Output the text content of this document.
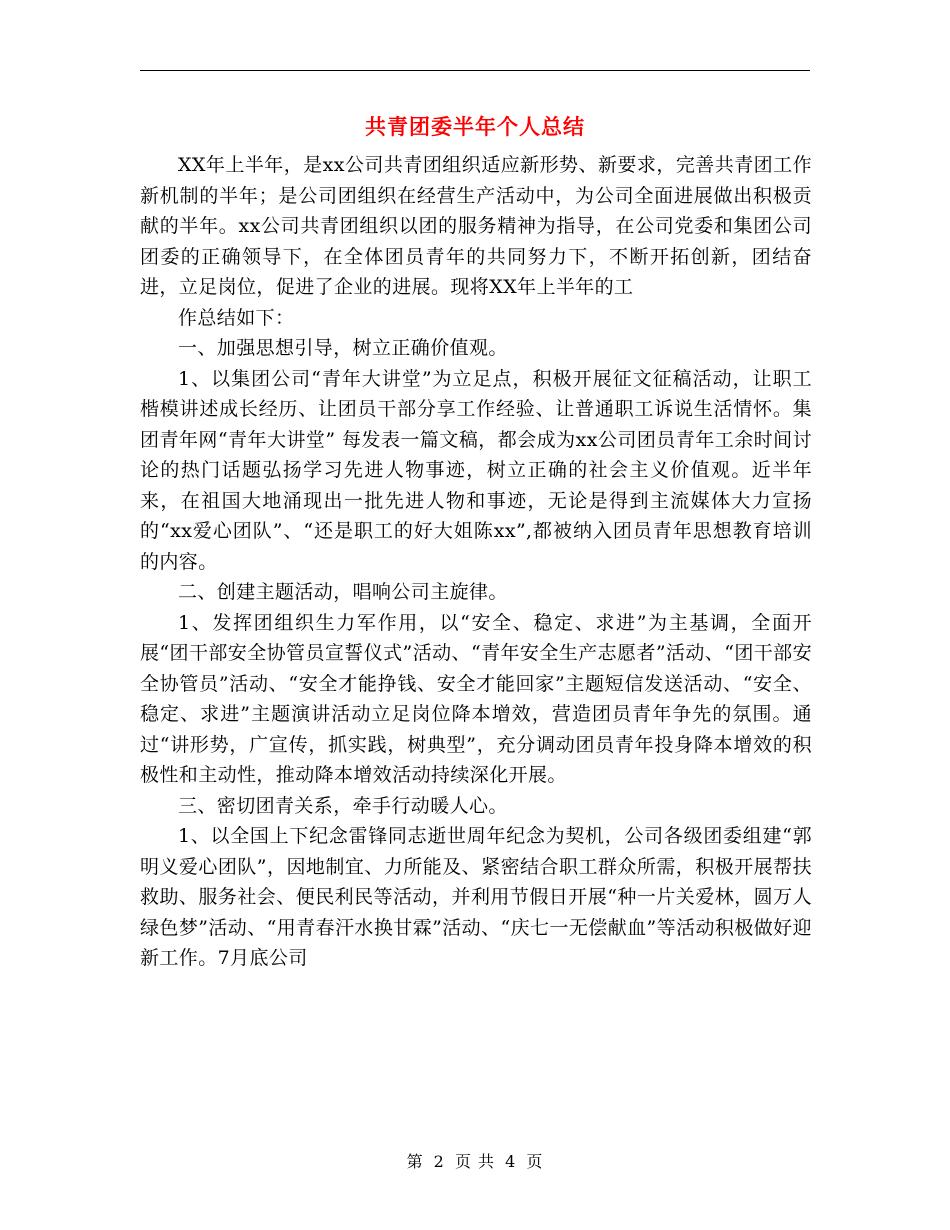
共青团委半年个人总结

XX年上半年，是xx公司共青团组织适应新形势、新要求，完善共青团工作新机制的半年；是公司团组织在经营生产活动中，为公司全面进展做出积极贡献的半年。xx公司共青团组织以团的服务精神为指导，在公司党委和集团公司团委的正确领导下，在全体团员青年的共同努力下，不断开拓创新，团结奋进，立足岗位，促进了企业的进展。现将XX年上半年的工

作总结如下：

一、加强思想引导，树立正确价值观。

1、以集团公司“青年大讲堂”为立足点，积极开展征文征稿活动，让职工楷模讲述成长经历、让团员干部分享工作经验、让普通职工诉说生活情怀。集团青年网“青年大讲堂” 每发表一篇文稿，都会成为xx公司团员青年工余时间讨论的热门话题弘扬学习先进人物事迹，树立正确的社会主义价值观。近半年来，在祖国大地涌现出一批先进人物和事迹，无论是得到主流媒体大力宣扬的“xx爱心团队”、“还是职工的好大姐陈xx”,都被纳入团员青年思想教育培训的内容。

二、创建主题活动，唱响公司主旋律。

1、发挥团组织生力军作用，以“安全、稳定、求进”为主基调，全面开展“团干部安全协管员宣誓仪式”活动、“青年安全生产志愿者”活动、“团干部安全协管员”活动、“安全才能挣钱、安全才能回家”主题短信发送活动、“安全、稳定、求进”主题演讲活动立足岗位降本增效，营造团员青年争先的氛围。通过“讲形势，广宣传，抓实践，树典型”，充分调动团员青年投身降本增效的积极性和主动性，推动降本增效活动持续深化开展。

三、密切团青关系，牵手行动暖人心。

1、以全国上下纪念雷锋同志逝世周年纪念为契机，公司各级团委组建“郭明义爱心团队”，因地制宜、力所能及、紧密结合职工群众所需，积极开展帮扶救助、服务社会、便民利民等活动，并利用节假日开展“种一片关爱林，圆万人绿色梦”活动、“用青春汗水换甘霖”活动、“庆七一无偿献血”等活动积极做好迎新工作。7月底公司

第 2 页 共 4 页
